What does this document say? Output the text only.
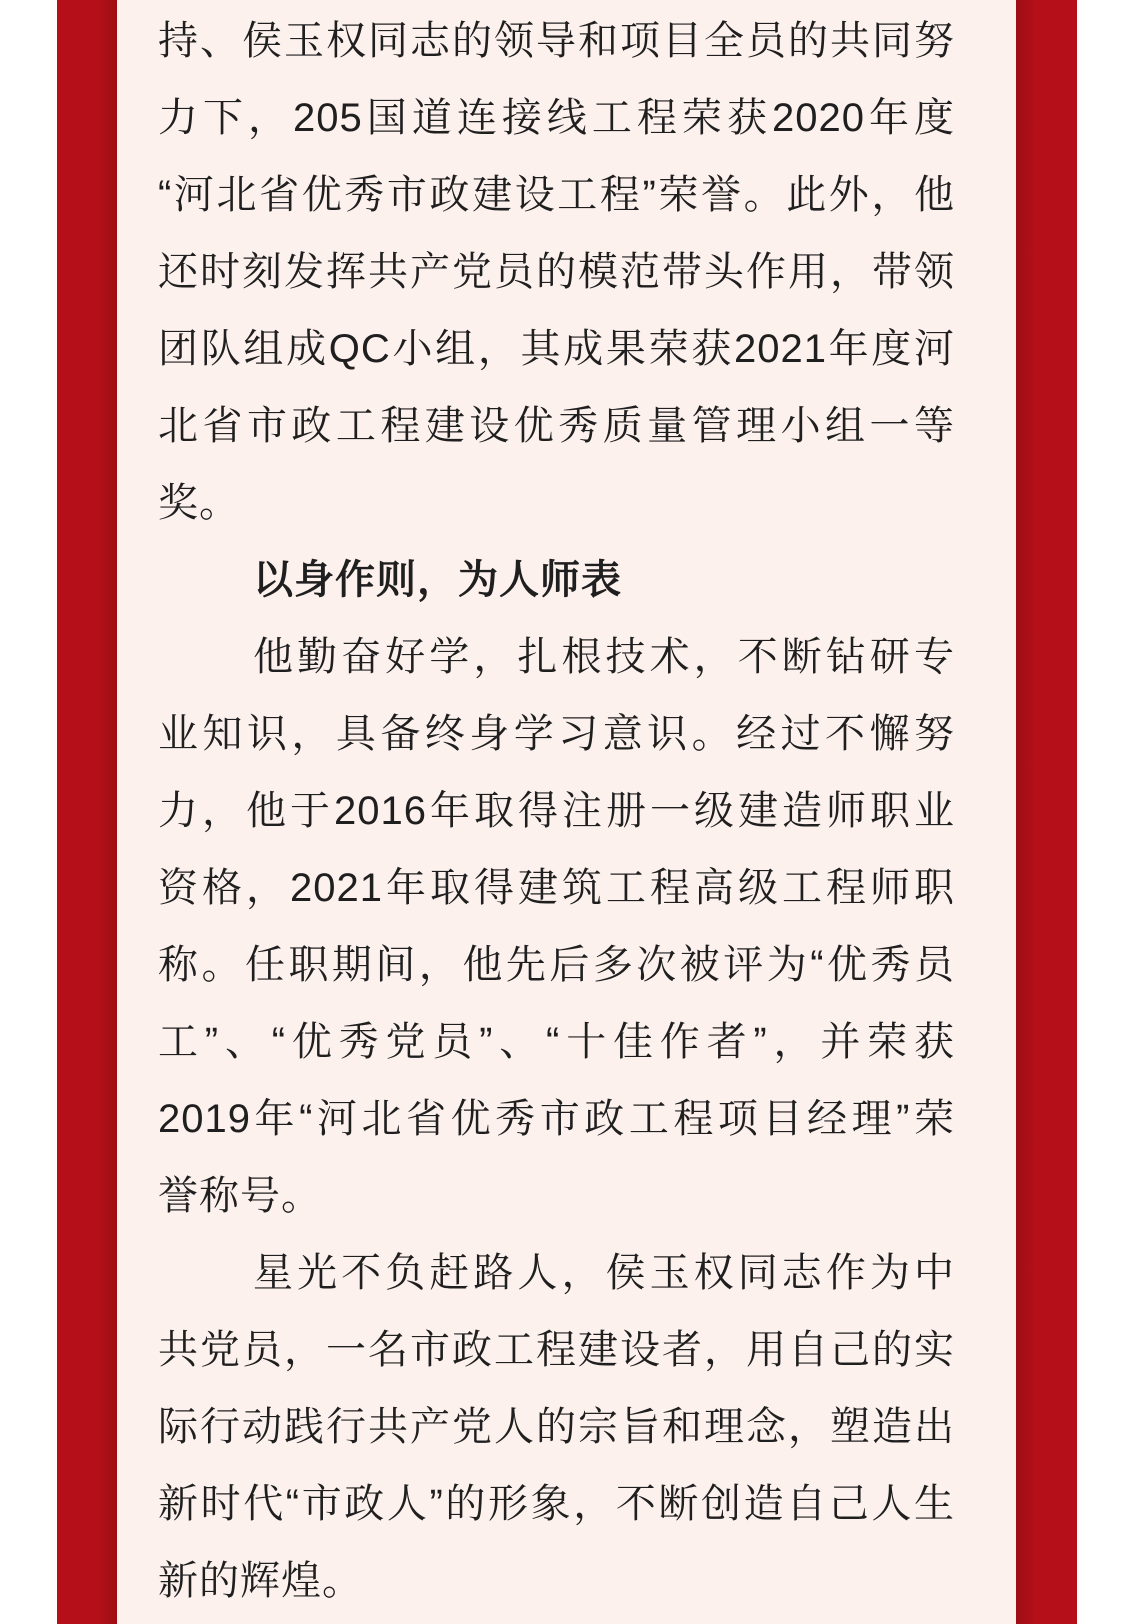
持、侯玉权同志的领导和项目全员的共同努
力下，205国道连接线工程荣获2020年度
“河北省优秀市政建设工程”荣誉。此外，他
还时刻发挥共产党员的模范带头作用，带领
团队组成QC小组，其成果荣获2021年度河
北省市政工程建设优秀质量管理小组一等
奖。
以身作则，为人师表
他勤奋好学，扎根技术，不断钻研专
业知识，具备终身学习意识。经过不懈努
力，他于2016年取得注册一级建造师职业
资格，2021年取得建筑工程高级工程师职
称。任职期间，他先后多次被评为“优秀员
工”、“优秀党员”、“十佳作者”，并荣获
2019年“河北省优秀市政工程项目经理”荣
誉称号。
星光不负赶路人，侯玉权同志作为中
共党员，一名市政工程建设者，用自己的实
际行动践行共产党人的宗旨和理念，塑造出
新时代“市政人”的形象，不断创造自己人生
新的辉煌。
